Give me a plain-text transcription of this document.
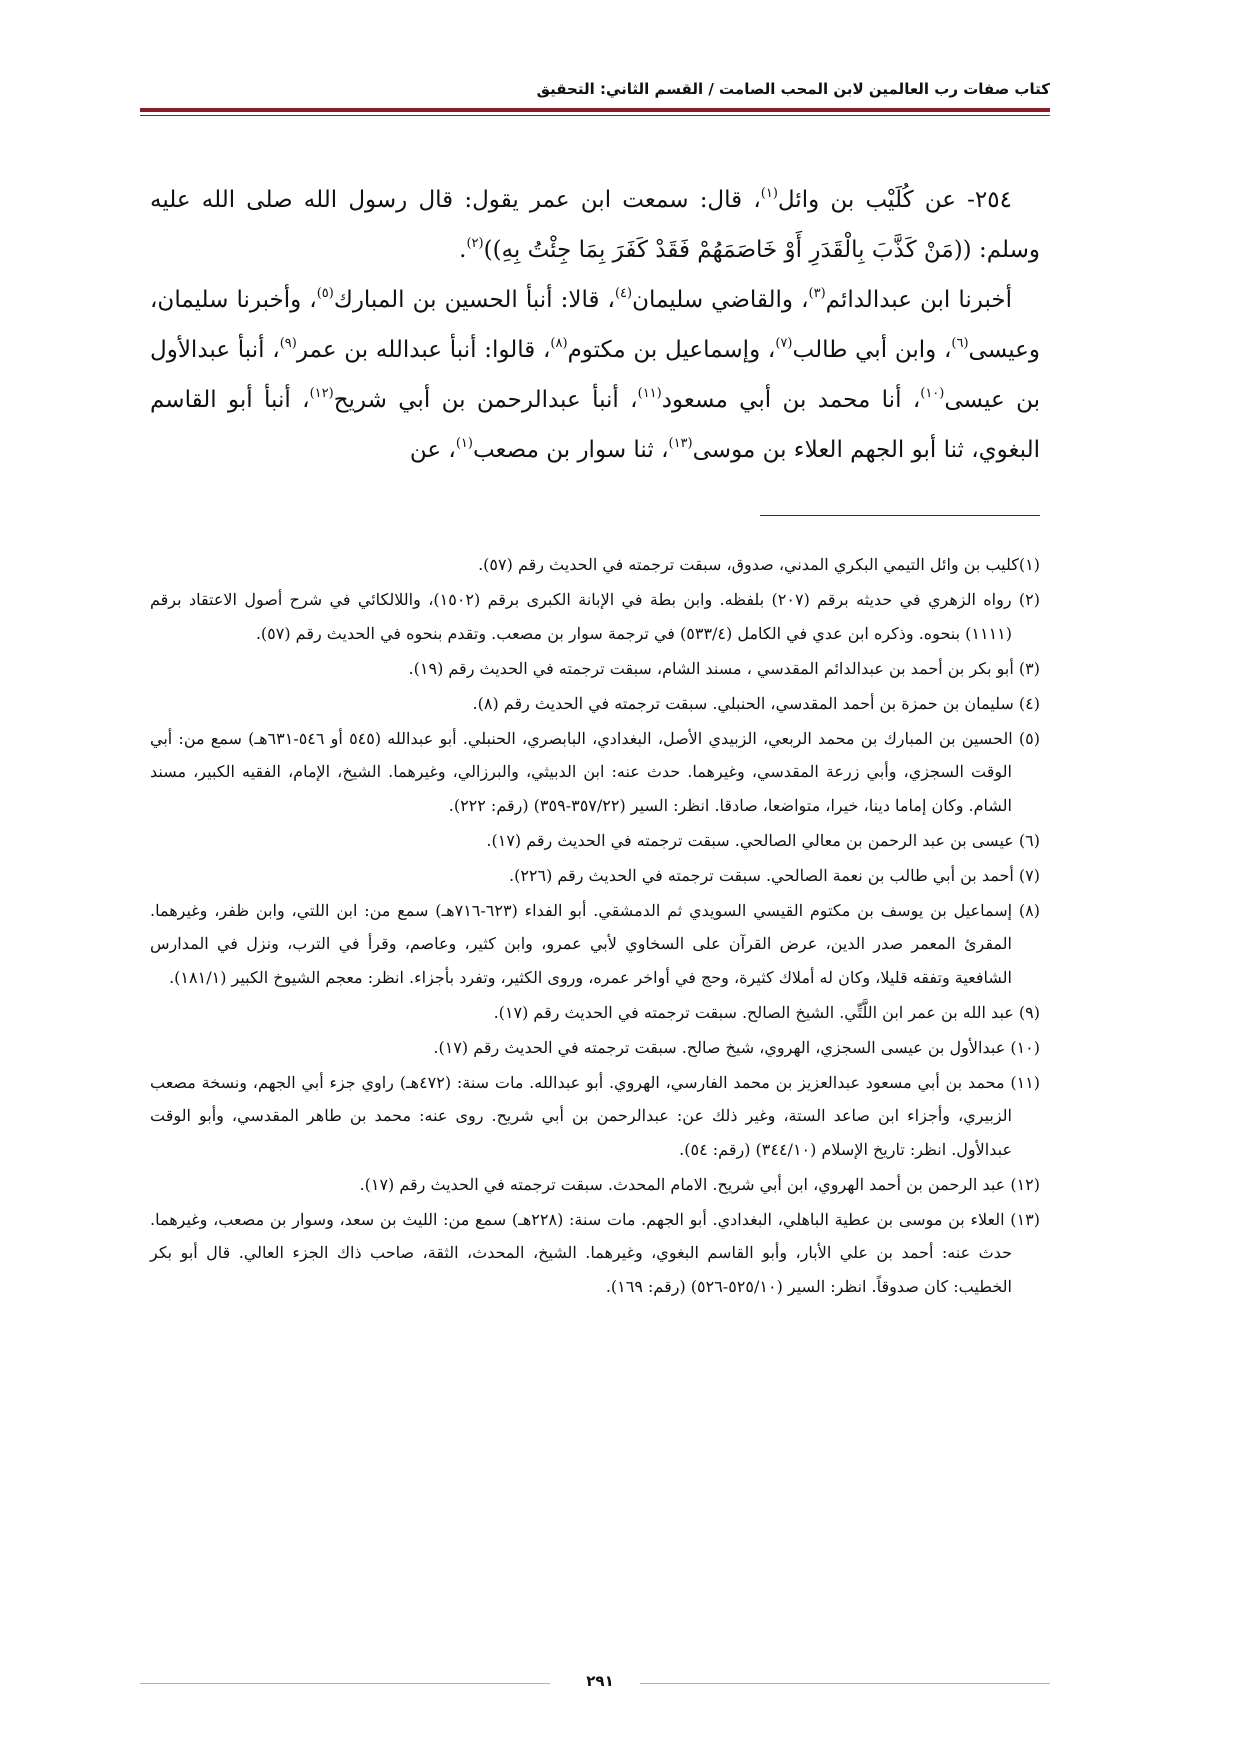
كتاب صفات رب العالمين لابن المحب الصامت / القسم الثاني: التحقيق

٢٥٤- عن كُلَيْب بن وائل$^{(١)}$، قال: سمعت ابن عمر يقول: قال رسول الله صلى الله عليه وسلم: ((مَنْ كَذَّبَ بِالْقَدَرِ أَوْ خَاصَمَهُمْ فَقَدْ كَفَرَ بِمَا جِئْتُ بِهِ))$^{(٢)}$.

أخبرنا ابن عبدالدائم$^{(٣)}$، والقاضي سليمان$^{(٤)}$، قالا: أنبأ الحسين بن المبارك$^{(٥)}$، وأخبرنا سليمان، وعيسى$^{(٦)}$، وابن أبي طالب$^{(٧)}$، وإسماعيل بن مكتوم$^{(٨)}$، قالوا: أنبأ عبدالله بن عمر$^{(٩)}$، أنبأ عبدالأول بن عيسى$^{(١٠)}$، أنا محمد بن أبي مسعود$^{(١١)}$، أنبأ عبدالرحمن بن أبي شريح$^{(١٢)}$، أنبأ أبو القاسم البغوي، ثنا أبو الجهم العلاء بن موسى$^{(١٣)}$، ثنا سوار بن مصعب$^{(١)}$، عن

(١)كليب بن وائل التيمي البكري المدني، صدوق، سبقت ترجمته في الحديث رقم (٥٧).

(٢) رواه الزهري في حديثه برقم (٢٠٧) بلفظه. وابن بطة في الإبانة الكبرى برقم (١٥٠٢)، واللالكائي في شرح أصول الاعتقاد برقم (١١١١) بنحوه. وذكره ابن عدي في الكامل (٥٣٣/٤) في ترجمة سوار بن مصعب. وتقدم بنحوه في الحديث رقم (٥٧).

(٣) أبو بكر بن أحمد بن عبدالدائم المقدسي ، مسند الشام، سبقت ترجمته في الحديث رقم (١٩).

(٤) سليمان بن حمزة بن أحمد المقدسي، الحنبلي. سبقت ترجمته في الحديث رقم (٨).

(٥) الحسين بن المبارك بن محمد الربعي، الزبيدي الأصل، البغدادي، البابصري، الحنبلي. أبو عبدالله (٥٤٥ أو ٥٤٦-٦٣١هـ) سمع من: أبي الوقت السجزي، وأبي زرعة المقدسي، وغيرهما. حدث عنه: ابن الدبيثي، والبرزالي، وغيرهما. الشيخ، الإمام، الفقيه الكبير، مسند الشام. وكان إماما دينا، خيرا، متواضعا، صادقا. انظر: السير (٣٥٧/٢٢-٣٥٩) (رقم: ٢٢٢).

(٦) عيسى بن عبد الرحمن بن معالي الصالحي. سبقت ترجمته في الحديث رقم (١٧).

(٧) أحمد بن أبي طالب بن نعمة الصالحي. سبقت ترجمته في الحديث رقم (٢٢٦).

(٨) إسماعيل بن يوسف بن مكتوم القيسي السويدي ثم الدمشقي. أبو الفداء (٦٢٣-٧١٦هـ) سمع من: ابن اللتي، وابن ظفر، وغيرهما. المقرئ المعمر صدر الدين، عرض القرآن على السخاوي لأبي عمرو، وابن كثير، وعاصم، وقرأ في الترب، ونزل في المدارس الشافعية وتفقه قليلا، وكان له أملاك كثيرة، وحج في أواخر عمره، وروى الكثير، وتفرد بأجزاء. انظر: معجم الشيوخ الكبير (١٨١/١).

(٩) عبد الله بن عمر ابن اللَّتِّي. الشيخ الصالح. سبقت ترجمته في الحديث رقم (١٧).

(١٠) عبدالأول بن عيسى السجزي، الهروي، شيخ صالح. سبقت ترجمته في الحديث رقم (١٧).

(١١) محمد بن أبي مسعود عبدالعزيز بن محمد الفارسي، الهروي. أبو عبدالله. مات سنة: (٤٧٢هـ) راوي جزء أبي الجهم، ونسخة مصعب الزبيري، وأجزاء ابن صاعد الستة، وغير ذلك عن: عبدالرحمن بن أبي شريح. روى عنه: محمد بن طاهر المقدسي، وأبو الوقت عبدالأول. انظر: تاريخ الإسلام (٣٤٤/١٠) (رقم: ٥٤).

(١٢) عبد الرحمن بن أحمد الهروي، ابن أبي شريح. الامام المحدث. سبقت ترجمته في الحديث رقم (١٧).

(١٣) العلاء بن موسى بن عطية الباهلي، البغدادي. أبو الجهم. مات سنة: (٢٢٨هـ) سمع من: الليث بن سعد، وسوار بن مصعب، وغيرهما. حدث عنه: أحمد بن علي الأبار، وأبو القاسم البغوي، وغيرهما. الشيخ، المحدث، الثقة، صاحب ذاك الجزء العالي. قال أبو بكر الخطيب: كان صدوقاً. انظر: السير (٥٢٥/١٠-٥٢٦) (رقم: ١٦٩).

٢٩١
